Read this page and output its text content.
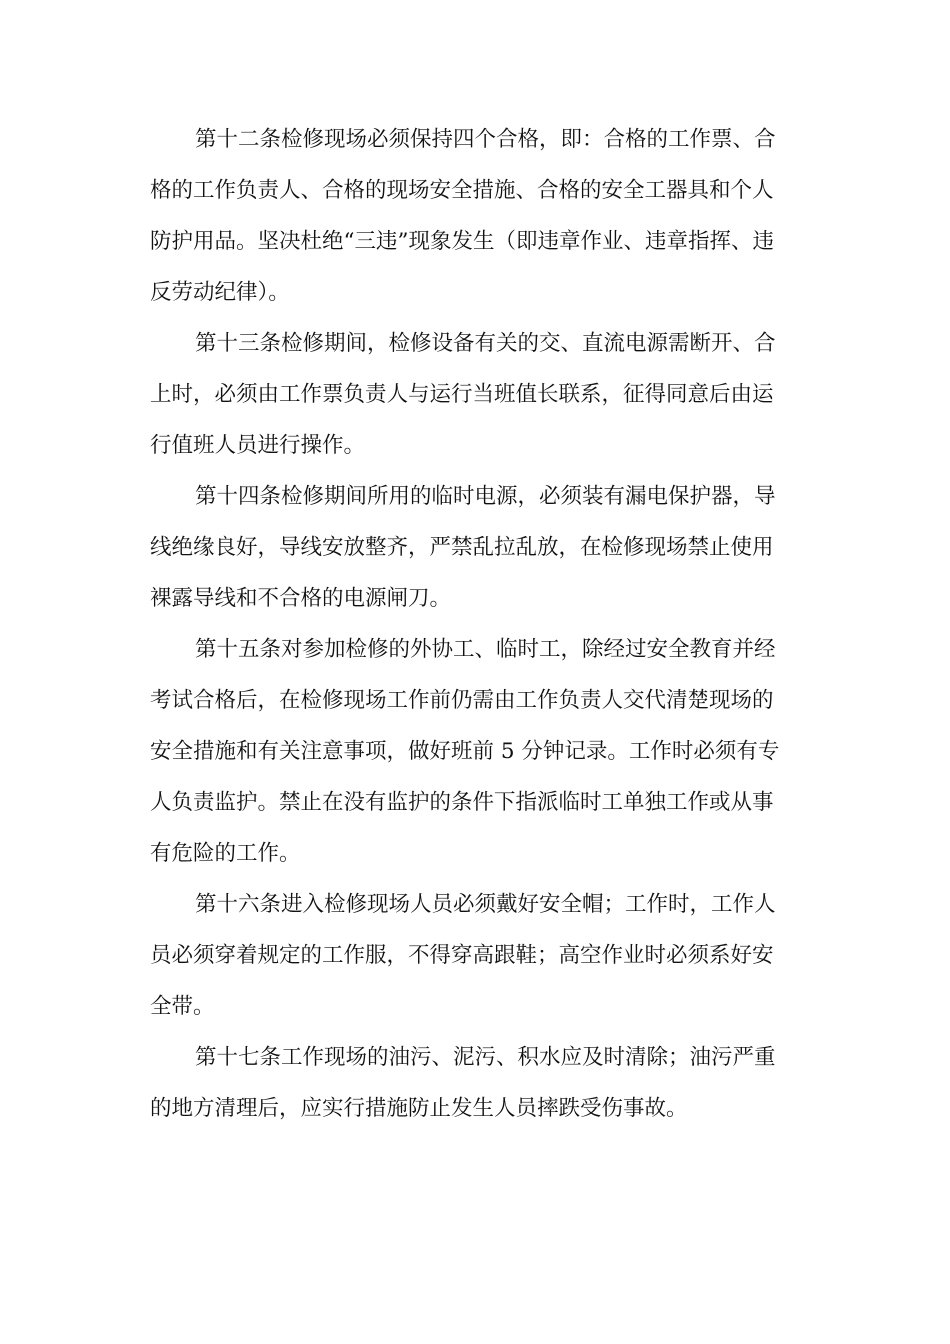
第十二条检修现场必须保持四个合格，即：合格的工作票、合
格的工作负责人、合格的现场安全措施、合格的安全工器具和个人
防护用品。坚决杜绝“三违”现象发生（即违章作业、违章指挥、违
反劳动纪律）。

第十三条检修期间，检修设备有关的交、直流电源需断开、合
上时，必须由工作票负责人与运行当班值长联系，征得同意后由运
行值班人员进行操作。

第十四条检修期间所用的临时电源，必须装有漏电保护器，导
线绝缘良好，导线安放整齐，严禁乱拉乱放，在检修现场禁止使用
裸露导线和不合格的电源闸刀。

第十五条对参加检修的外协工、临时工，除经过安全教育并经
考试合格后，在检修现场工作前仍需由工作负责人交代清楚现场的
安全措施和有关注意事项，做好班前 5 分钟记录。工作时必须有专
人负责监护。禁止在没有监护的条件下指派临时工单独工作或从事
有危险的工作。

第十六条进入检修现场人员必须戴好安全帽；工作时，工作人
员必须穿着规定的工作服，不得穿高跟鞋；高空作业时必须系好安
全带。

第十七条工作现场的油污、泥污、积水应及时清除；油污严重
的地方清理后，应实行措施防止发生人员摔跌受伤事故。
